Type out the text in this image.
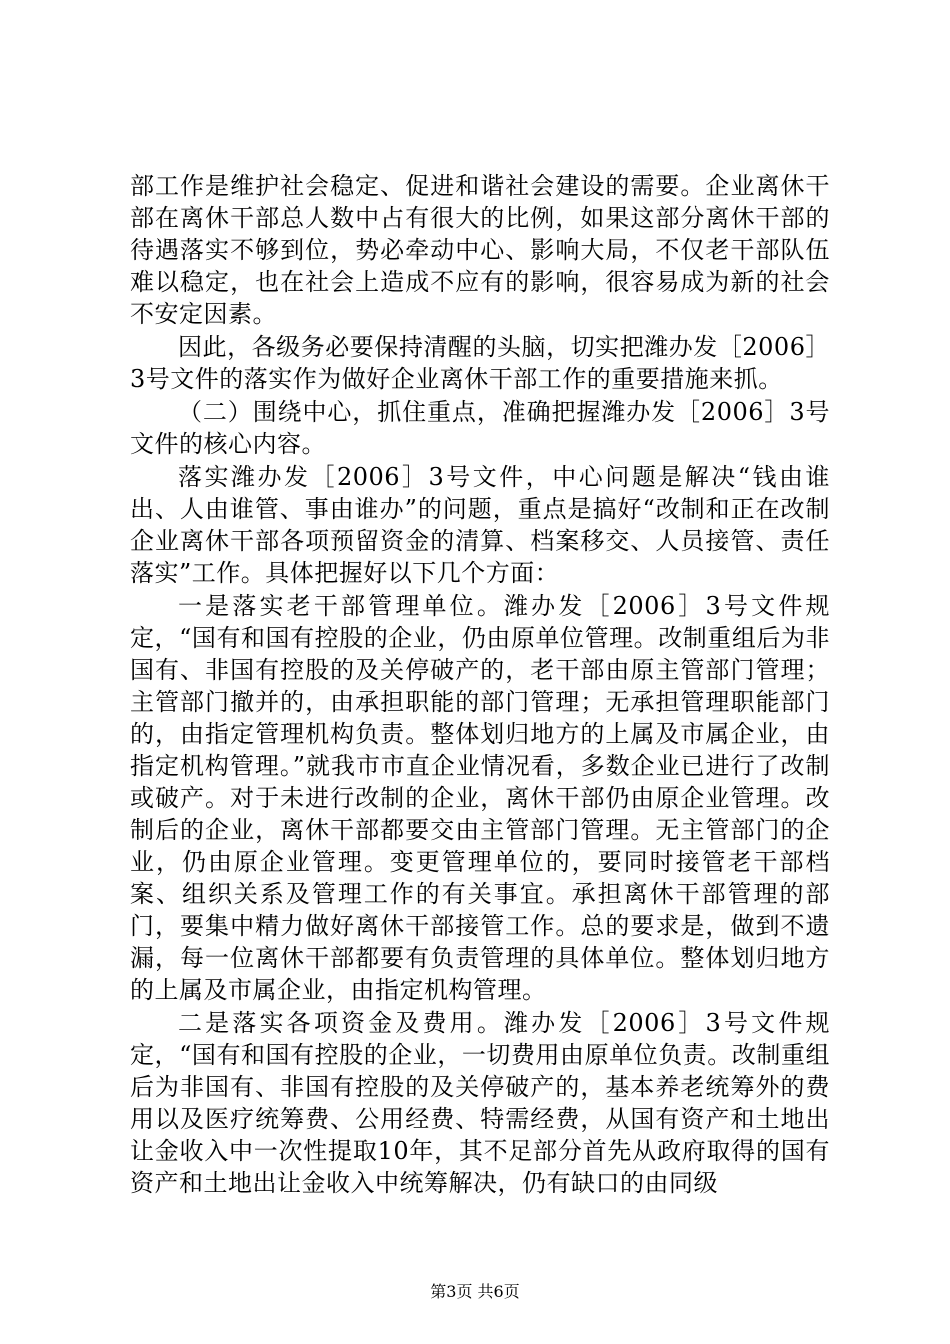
部工作是维护社会稳定、促进和谐社会建设的需要。企业离休干部在离休干部总人数中占有很大的比例，如果这部分离休干部的待遇落实不够到位，势必牵动中心、影响大局，不仅老干部队伍难以稳定，也在社会上造成不应有的影响，很容易成为新的社会不安定因素。

因此，各级务必要保持清醒的头脑，切实把潍办发［2006］3号文件的落实作为做好企业离休干部工作的重要措施来抓。

（二）围绕中心，抓住重点，准确把握潍办发［2006］3号文件的核心内容。

落实潍办发［2006］3号文件，中心问题是解决“钱由谁出、人由谁管、事由谁办”的问题，重点是搞好“改制和正在改制企业离休干部各项预留资金的清算、档案移交、人员接管、责任落实”工作。具体把握好以下几个方面：

一是落实老干部管理单位。潍办发［2006］3号文件规定，“国有和国有控股的企业，仍由原单位管理。改制重组后为非国有、非国有控股的及关停破产的，老干部由原主管部门管理；主管部门撤并的，由承担职能的部门管理；无承担管理职能部门的，由指定管理机构负责。整体划归地方的上属及市属企业，由指定机构管理。”就我市市直企业情况看，多数企业已进行了改制或破产。对于未进行改制的企业，离休干部仍由原企业管理。改制后的企业，离休干部都要交由主管部门管理。无主管部门的企业，仍由原企业管理。变更管理单位的，要同时接管老干部档案、组织关系及管理工作的有关事宜。承担离休干部管理的部门，要集中精力做好离休干部接管工作。总的要求是，做到不遗漏，每一位离休干部都要有负责管理的具体单位。整体划归地方的上属及市属企业，由指定机构管理。

二是落实各项资金及费用。潍办发［2006］3号文件规定，“国有和国有控股的企业，一切费用由原单位负责。改制重组后为非国有、非国有控股的及关停破产的，基本养老统筹外的费用以及医疗统筹费、公用经费、特需经费，从国有资产和土地出让金收入中一次性提取10年，其不足部分首先从政府取得的国有资产和土地出让金收入中统筹解决，仍有缺口的由同级

第3页 共6页
